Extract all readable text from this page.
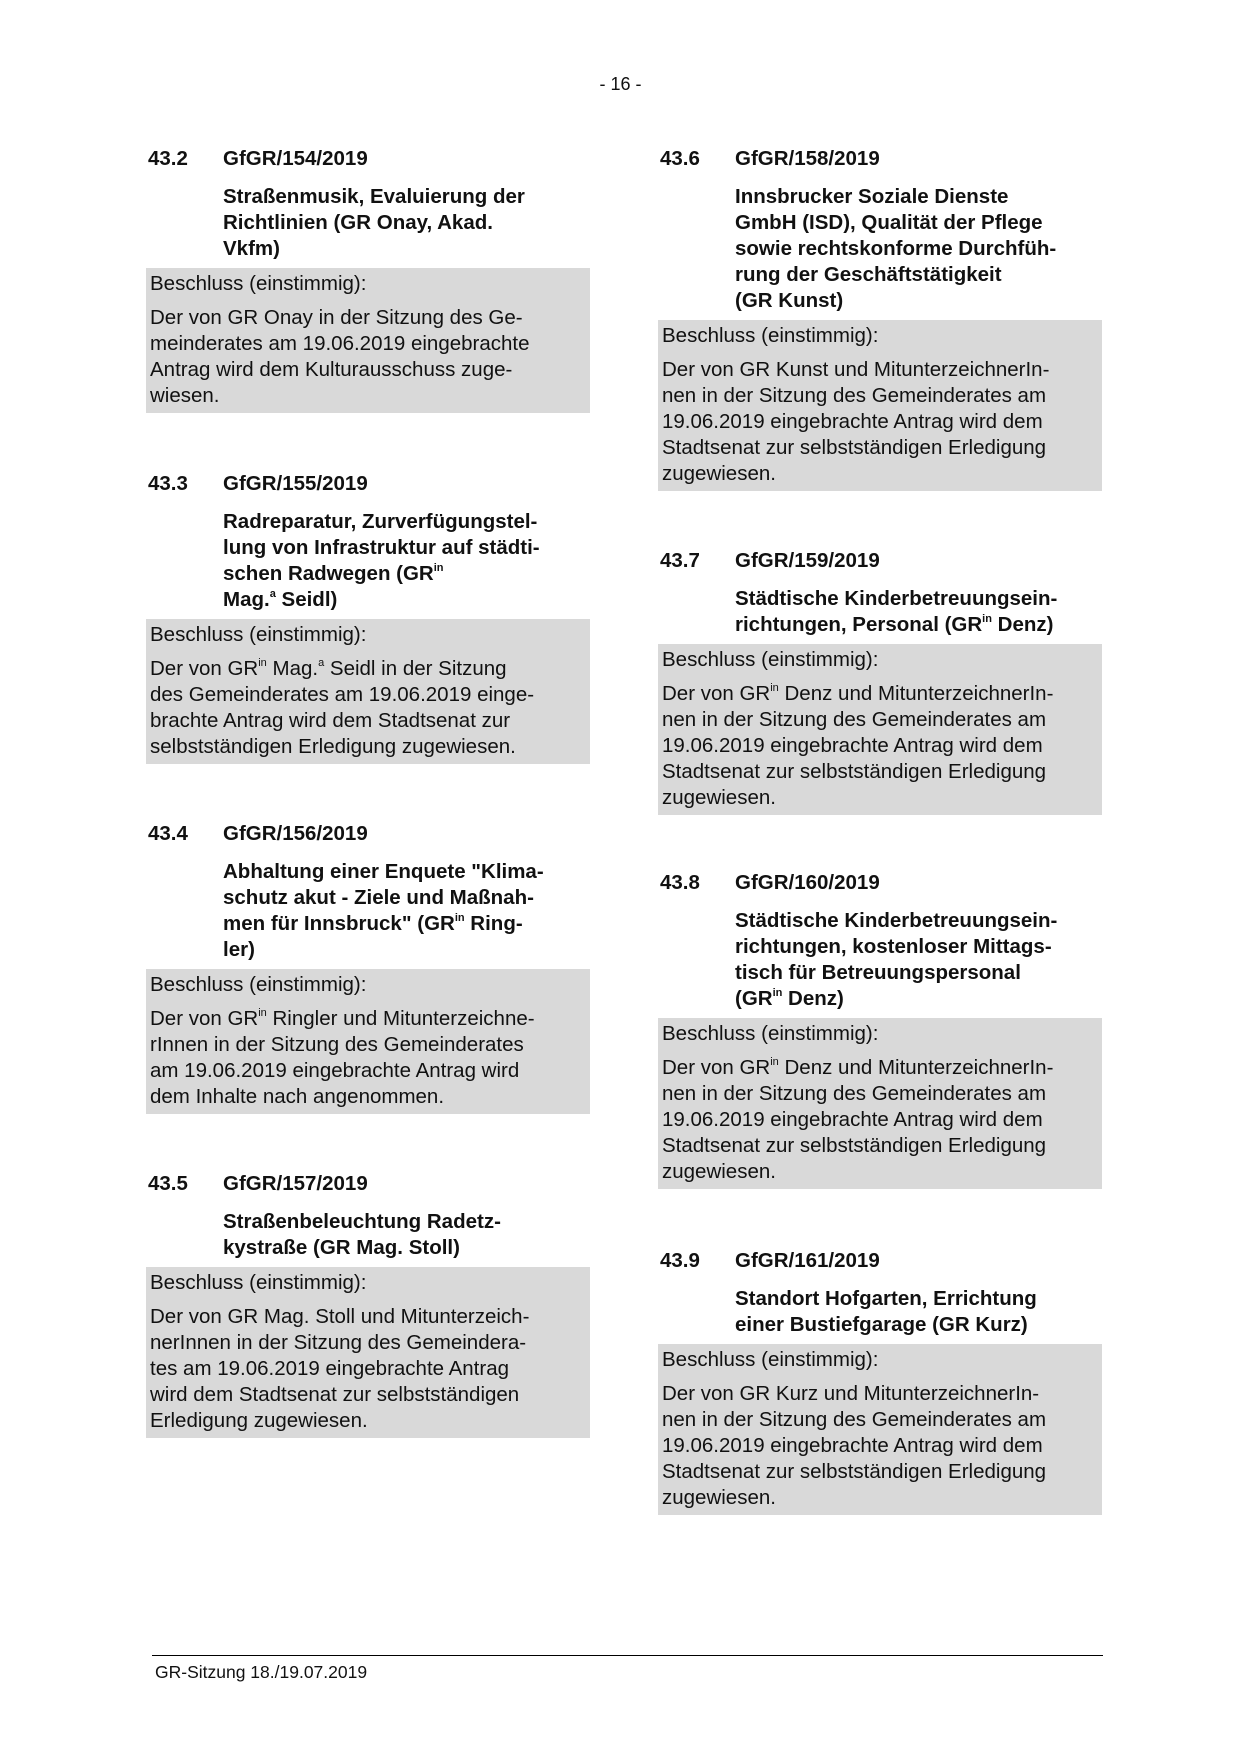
- 16 -
43.2 GfGR/154/2019
Straßenmusik, Evaluierung der
Richtlinien (GR Onay, Akad.
Vkfm)
Beschluss (einstimmig):
Der von GR Onay in der Sitzung des Ge-
meinderates am 19.06.2019 eingebrachte
Antrag wird dem Kulturausschuss zuge-
wiesen.
43.3 GfGR/155/2019
Radreparatur, Zurverfügungstel-
lung von Infrastruktur auf städti-
schen Radwegen ($GR^{in}$
Mag.$^a$ Seidl)
Beschluss (einstimmig):
Der von $GR^{in}$ Mag.$^a$ Seidl in der Sitzung
des Gemeinderates am 19.06.2019 einge-
brachte Antrag wird dem Stadtsenat zur
selbstständigen Erledigung zugewiesen.
43.4 GfGR/156/2019
Abhaltung einer Enquete "Klima-
schutz akut - Ziele und Maßnah-
men für Innsbruck" ($GR^{in}$ Ring-
ler)
Beschluss (einstimmig):
Der von $GR^{in}$ Ringler und Mitunterzeichne-
rInnen in der Sitzung des Gemeinderates
am 19.06.2019 eingebrachte Antrag wird
dem Inhalte nach angenommen.
43.5 GfGR/157/2019
Straßenbeleuchtung Radetz-
kystraße (GR Mag. Stoll)
Beschluss (einstimmig):
Der von GR Mag. Stoll und Mitunterzeich-
nerInnen in der Sitzung des Gemeindera-
tes am 19.06.2019 eingebrachte Antrag
wird dem Stadtsenat zur selbstständigen
Erledigung zugewiesen.
43.6 GfGR/158/2019
Innsbrucker Soziale Dienste
GmbH (ISD), Qualität der Pflege
sowie rechtskonforme Durchfüh-
rung der Geschäftstätigkeit
(GR Kunst)
Beschluss (einstimmig):
Der von GR Kunst und MitunterzeichnerIn-
nen in der Sitzung des Gemeinderates am
19.06.2019 eingebrachte Antrag wird dem
Stadtsenat zur selbstständigen Erledigung
zugewiesen.
43.7 GfGR/159/2019
Städtische Kinderbetreuungsein-
richtungen, Personal ($GR^{in}$ Denz)
Beschluss (einstimmig):
Der von $GR^{in}$ Denz und MitunterzeichnerIn-
nen in der Sitzung des Gemeinderates am
19.06.2019 eingebrachte Antrag wird dem
Stadtsenat zur selbstständigen Erledigung
zugewiesen.
43.8 GfGR/160/2019
Städtische Kinderbetreuungsein-
richtungen, kostenloser Mittags-
tisch für Betreuungspersonal
($GR^{in}$ Denz)
Beschluss (einstimmig):
Der von $GR^{in}$ Denz und MitunterzeichnerIn-
nen in der Sitzung des Gemeinderates am
19.06.2019 eingebrachte Antrag wird dem
Stadtsenat zur selbstständigen Erledigung
zugewiesen.
43.9 GfGR/161/2019
Standort Hofgarten, Errichtung
einer Bustiefgarage (GR Kurz)
Beschluss (einstimmig):
Der von GR Kurz und MitunterzeichnerIn-
nen in der Sitzung des Gemeinderates am
19.06.2019 eingebrachte Antrag wird dem
Stadtsenat zur selbstständigen Erledigung
zugewiesen.
GR-Sitzung 18./19.07.2019
